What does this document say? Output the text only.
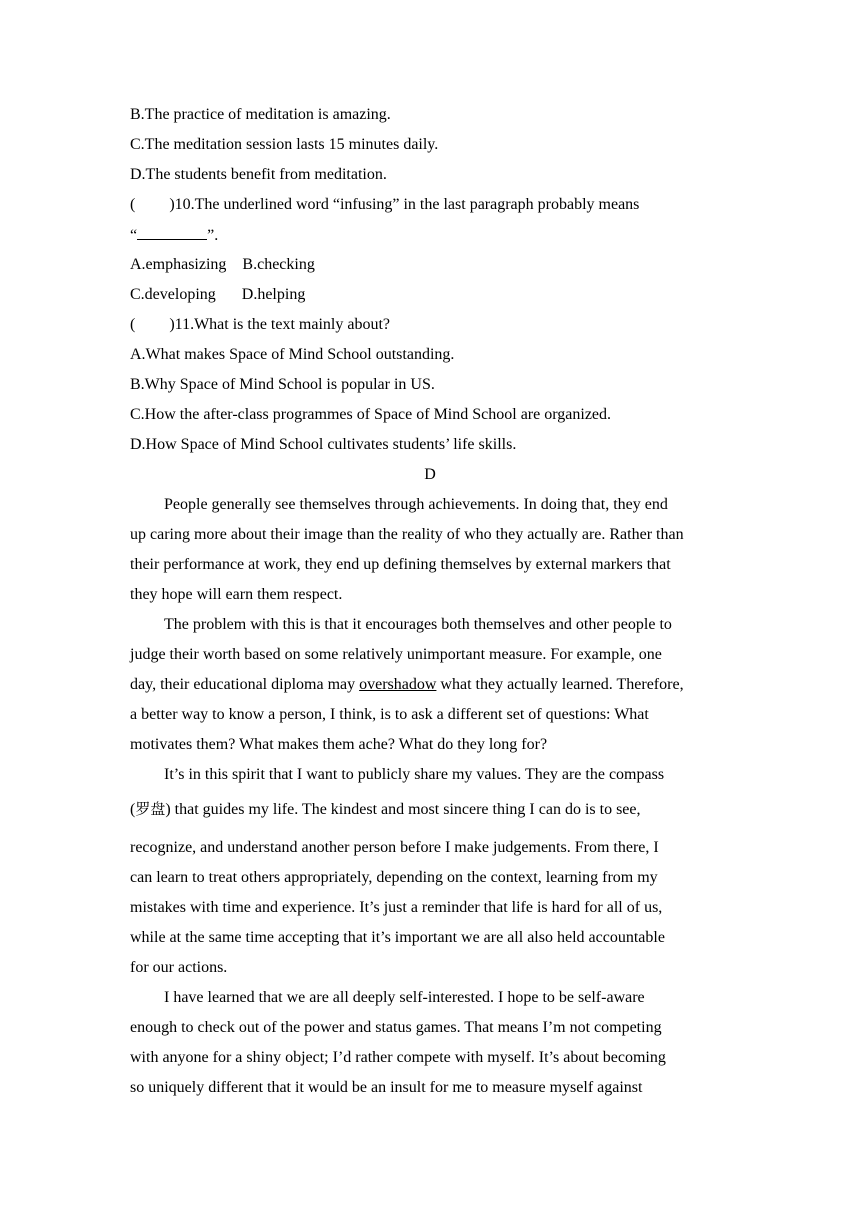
B.The practice of meditation is amazing.
C.The meditation session lasts 15 minutes daily.
D.The students benefit from meditation.
( )10.The underlined word “infusing” in the last paragraph probably means
“	”.
A.emphasizing B.checking
C.developing D.helping
( )11.What is the text mainly about?
A.What makes Space of Mind School outstanding.
B.Why Space of Mind School is popular in US.
C.How the after-class programmes of Space of Mind School are organized.
D.How Space of Mind School cultivates students’ life skills.
D
People generally see themselves through achievements. In doing that, they end
up caring more about their image than the reality of who they actually are. Rather than
their performance at work, they end up defining themselves by external markers that
they hope will earn them respect.
The problem with this is that it encourages both themselves and other people to
judge their worth based on some relatively unimportant measure. For example, one
day, their educational diploma may overshadow what they actually learned. Therefore,
a better way to know a person, I think, is to ask a different set of questions: What
motivates them? What makes them ache? What do they long for?
It’s in this spirit that I want to publicly share my values. They are the compass
(罗盘) that guides my life. The kindest and most sincere thing I can do is to see,
recognize, and understand another person before I make judgements. From there, I
can learn to treat others appropriately, depending on the context, learning from my
mistakes with time and experience. It’s just a reminder that life is hard for all of us,
while at the same time accepting that it’s important we are all also held accountable
for our actions.
I have learned that we are all deeply self-interested. I hope to be self-aware
enough to check out of the power and status games. That means I’m not competing
with anyone for a shiny object; I’d rather compete with myself. It’s about becoming
so uniquely different that it would be an insult for me to measure myself against
